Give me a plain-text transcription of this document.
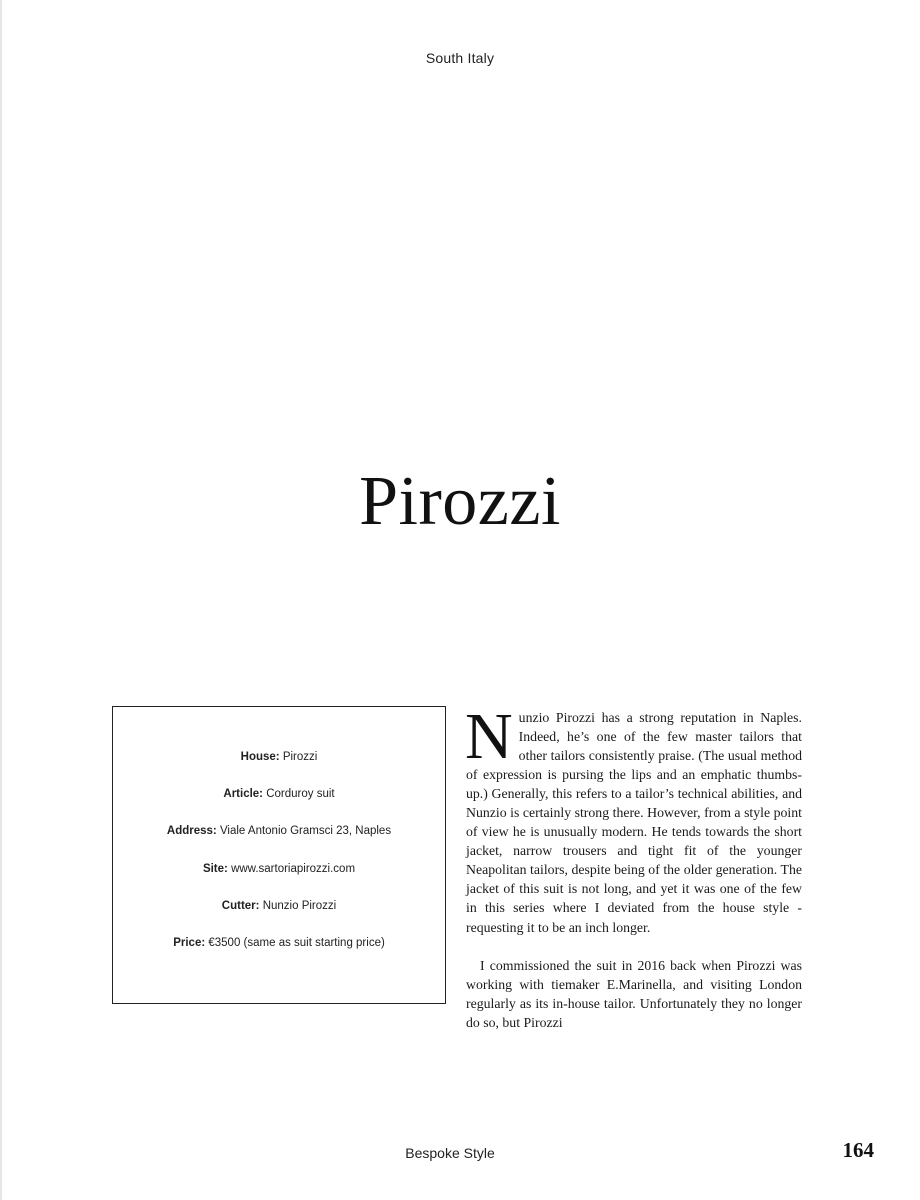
South Italy
Pirozzi
House: Pirozzi
Article: Corduroy suit
Address: Viale Antonio Gramsci 23, Naples
Site: www.sartoriapirozzi.com
Cutter: Nunzio Pirozzi
Price: €3500 (same as suit starting price)

Nunzio Pirozzi has a strong reputation in Naples. Indeed, he’s one of the few master tailors that other tailors consistently praise. (The usual method of expression is pursing the lips and an emphatic thumbs-up.) Generally, this refers to a tailor’s technical abilities, and Nunzio is certainly strong there. However, from a style point of view he is unusually modern. He tends towards the short jacket, narrow trousers and tight fit of the younger Neapolitan tailors, despite being of the older generation. The jacket of this suit is not long, and yet it was one of the few in this series where I deviated from the house style - requesting it to be an inch longer.

I commissioned the suit in 2016 back when Pirozzi was working with tiemaker E.Marinella, and visiting London regularly as its in-house tailor. Unfortunately they no longer do so, but Pirozzi

Bespoke Style	164
